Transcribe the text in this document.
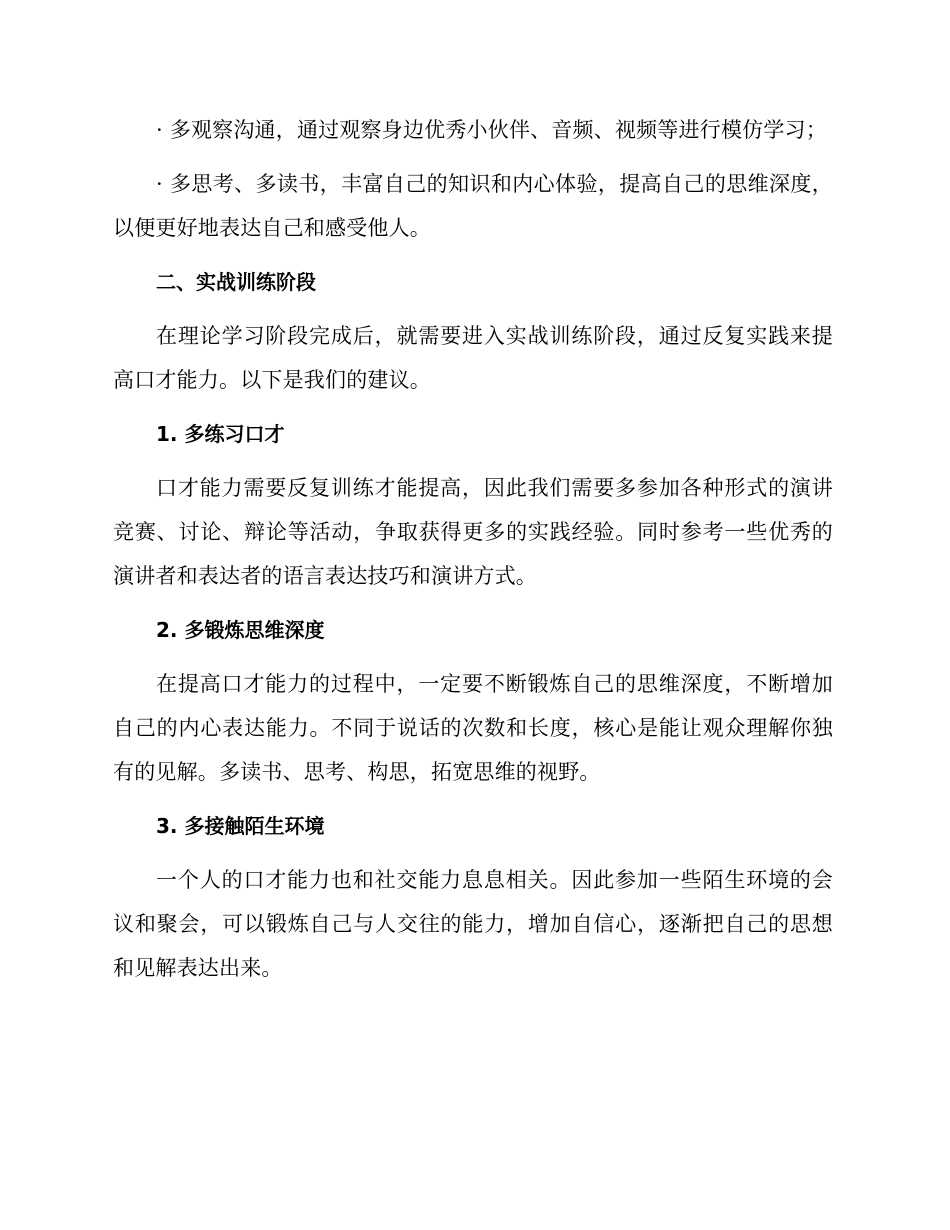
· 多观察沟通，通过观察身边优秀小伙伴、音频、视频等进行模仿学习；

· 多思考、多读书，丰富自己的知识和内心体验，提高自己的思维深度，以便更好地表达自己和感受他人。

二、实战训练阶段

在理论学习阶段完成后，就需要进入实战训练阶段，通过反复实践来提高口才能力。以下是我们的建议。

1. 多练习口才

口才能力需要反复训练才能提高，因此我们需要多参加各种形式的演讲竞赛、讨论、辩论等活动，争取获得更多的实践经验。同时参考一些优秀的演讲者和表达者的语言表达技巧和演讲方式。

2. 多锻炼思维深度

在提高口才能力的过程中，一定要不断锻炼自己的思维深度，不断增加自己的内心表达能力。不同于说话的次数和长度，核心是能让观众理解你独有的见解。多读书、思考、构思，拓宽思维的视野。

3. 多接触陌生环境

一个人的口才能力也和社交能力息息相关。因此参加一些陌生环境的会议和聚会，可以锻炼自己与人交往的能力，增加自信心，逐渐把自己的思想和见解表达出来。
